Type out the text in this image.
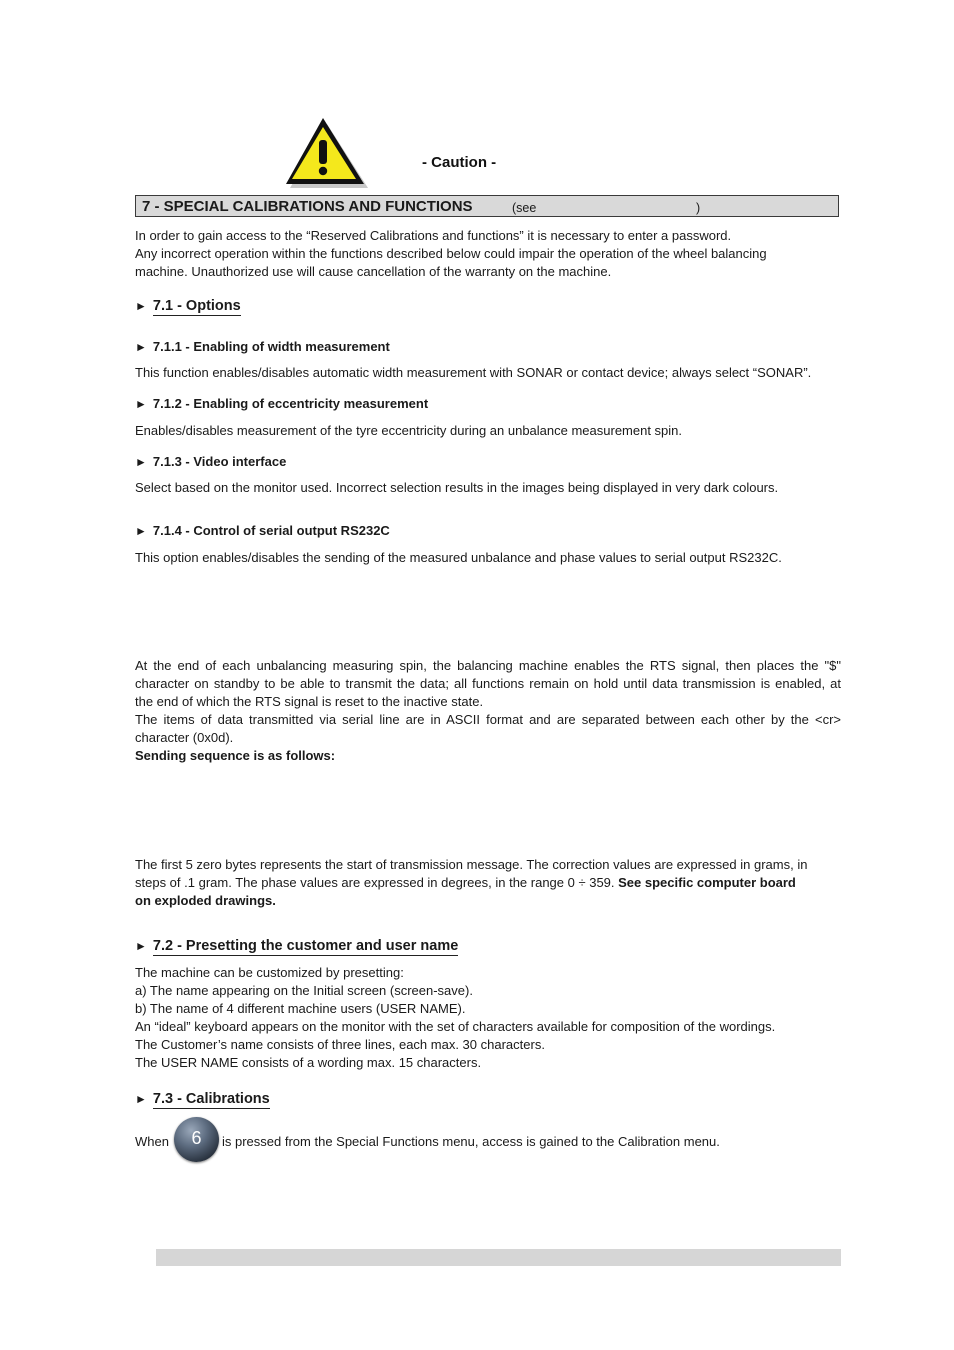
- Caution -
7 - SPECIAL CALIBRATIONS AND FUNCTIONS	(see	)
In order to gain access to the “Reserved Calibrations and functions” it is necessary to enter a password.
Any incorrect operation within the functions described below could impair the operation of the wheel balancing
machine. Unauthorized use will cause cancellation of the warranty on the machine.
► 7.1 - Options
► 7.1.1 - Enabling of width measurement
This function enables/disables automatic width measurement with SONAR or contact device; always select “SONAR”.
► 7.1.2 - Enabling of eccentricity measurement
Enables/disables measurement of the tyre eccentricity during an unbalance measurement spin.
► 7.1.3 - Video interface
Select based on the monitor used. Incorrect selection results in the images being displayed in very dark colours.
► 7.1.4 - Control of serial output RS232C
This option enables/disables the sending of the measured unbalance and phase values to serial output RS232C.
At the end of each unbalancing measuring spin, the balancing machine enables the RTS signal, then places the "$"
character on standby to be able to transmit the data; all functions remain on hold until data transmission is enabled, at
the end of which the RTS signal is reset to the inactive state.
The items of data transmitted via serial line are in ASCII format and are separated between each other by the <cr>
character (0x0d).
Sending sequence is as follows:
The first 5 zero bytes represents the start of transmission message. The correction values are expressed in grams, in
steps of .1 gram. The phase values are expressed in degrees, in the range 0 ÷ 359. See specific computer board
on exploded drawings.
► 7.2 - Presetting the customer and user name
The machine can be customized by presetting:
a) The name appearing on the Initial screen (screen-save).
b) The name of 4 different machine users (USER NAME).
An “ideal” keyboard appears on the monitor with the set of characters available for composition of the wordings.
The Customer’s name consists of three lines, each max. 30 characters.
The USER NAME consists of a wording max. 15 characters.
► 7.3 - Calibrations
When	6	is pressed from the Special Functions menu, access is gained to the Calibration menu.
